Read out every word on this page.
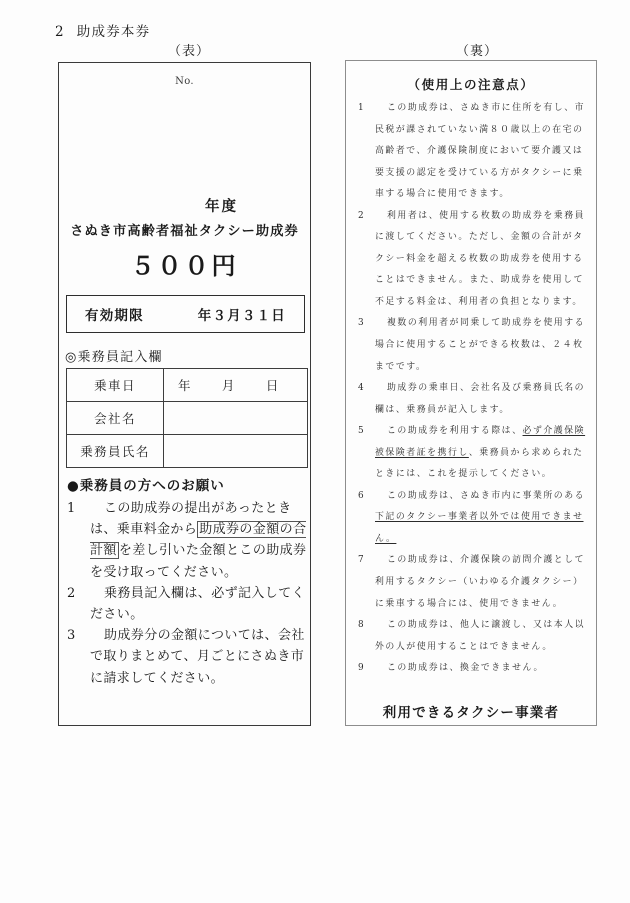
2 助成券本券
（表）	（裏）
No.
年度
さぬき市高齢者福祉タクシー助成券
５００円
有効期限	年３月３１日
◎乗務員記入欄
乗車日	年 月 日
会社名	
乗務員氏名	
●乗務員の方へのお願い
1	この助成券の提出があったときは、乗車料金から 助成券の金額の合計額 を差し引いた金額とこの助成券を受け取ってください。
2	乗務員記入欄は、必ず記入してください。
3	助成券分の金額については、会社で取りまとめて、月ごとにさぬき市に請求してください。
（使用上の注意点）
1	この助成券は、さぬき市に住所を有し、市民税が課されていない満８０歳以上の在宅の高齢者で、介護保険制度において要介護又は要支援の認定を受けている方がタクシーに乗車する場合に使用できます。
2	利用者は、使用する枚数の助成券を乗務員に渡してください。ただし、金額の合計がタクシー料金を超える枚数の助成券を使用することはできません。また、助成券を使用して不足する料金は、利用者の負担となります。
3	複数の利用者が同乗して助成券を使用する場合に使用することができる枚数は、２４枚までです。
4	助成券の乗車日、会社名及び乗務員氏名の欄は、乗務員が記入します。
5	この助成券を利用する際は、必ず介護保険被保険者証を携行し、乗務員から求められたときには、これを提示してください。
6	この助成券は、さぬき市内に事業所のある下記のタクシー事業者以外では使用できません。
7	この助成券は、介護保険の訪問介護として利用するタクシー（いわゆる介護タクシー）に乗車する場合には、使用できません。
8	この助成券は、他人に譲渡し、又は本人以外の人が使用することはできません。
9	この助成券は、換金できません。
利用できるタクシー事業者
